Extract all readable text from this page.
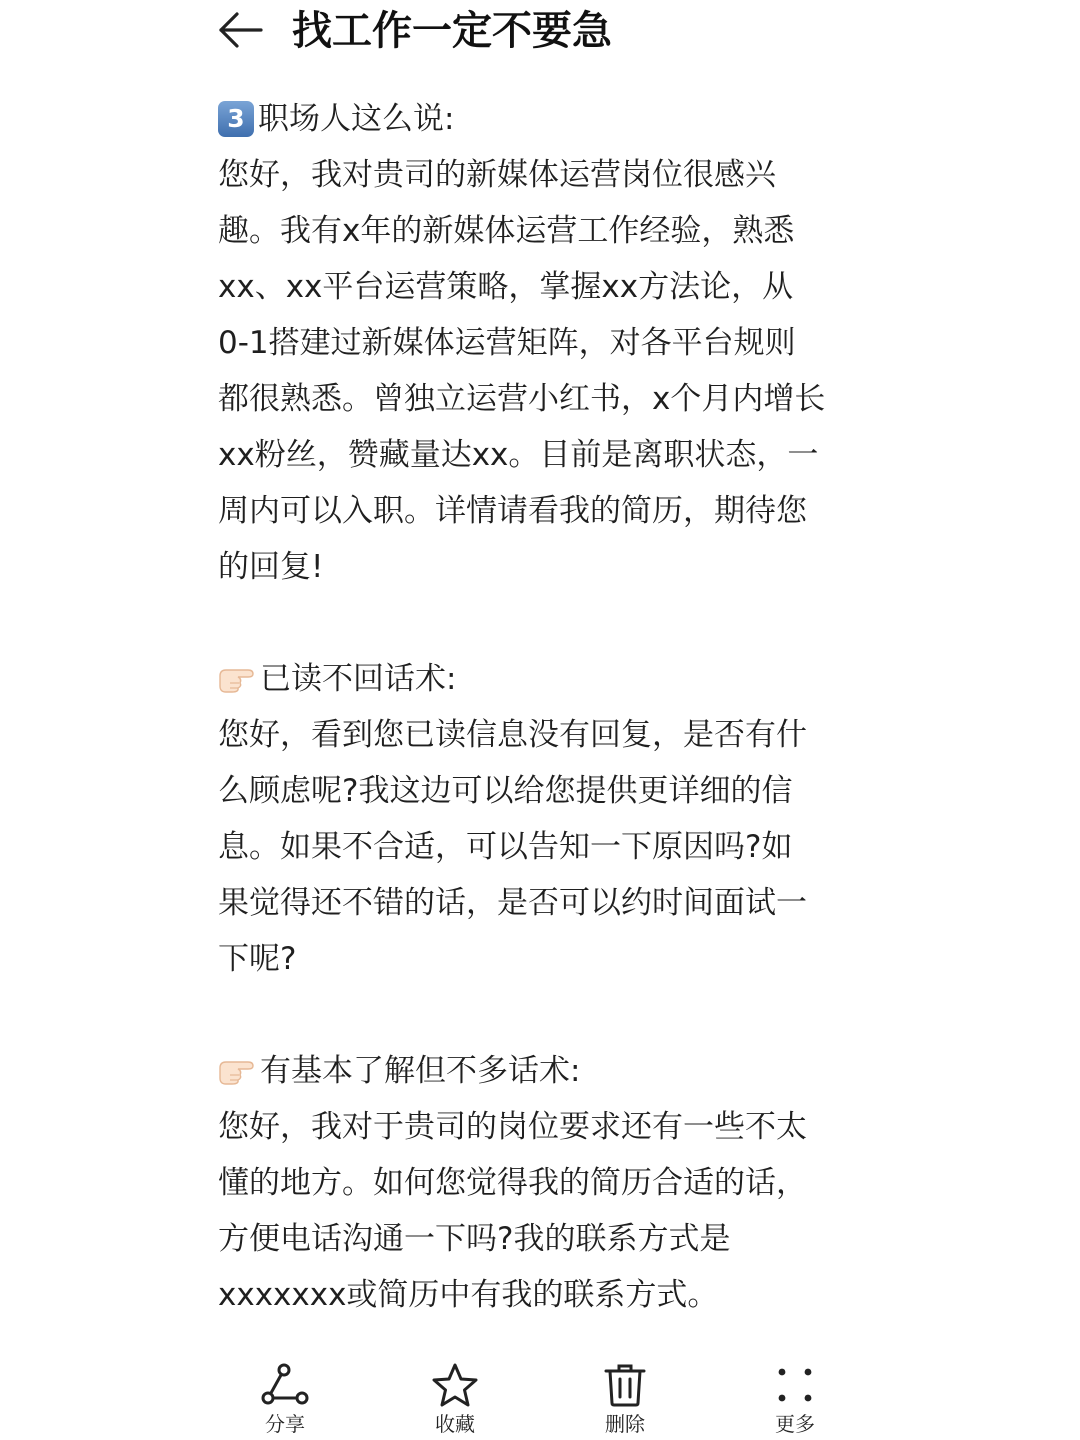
找工作一定不要急
3 职场人这么说:
您好，我对贵司的新媒体运营岗位很感兴
趣。我有x年的新媒体运营工作经验，熟悉
xx、xx平台运营策略，掌握xx方法论，从
0-1搭建过新媒体运营矩阵，对各平台规则
都很熟悉。曾独立运营小红书，x个月内增长
xx粉丝，赞藏量达xx。目前是离职状态，一
周内可以入职。详情请看我的简历，期待您
的回复!
已读不回话术:
您好，看到您已读信息没有回复，是否有什
么顾虑呢?我这边可以给您提供更详细的信
息。如果不合适，可以告知一下原因吗?如
果觉得还不错的话，是否可以约时间面试一
下呢?
有基本了解但不多话术:
您好，我对于贵司的岗位要求还有一些不太
懂的地方。如何您觉得我的简历合适的话，
方便电话沟通一下吗?我的联系方式是
xxxxxxx或简历中有我的联系方式。
分享	收藏	删除	更多
